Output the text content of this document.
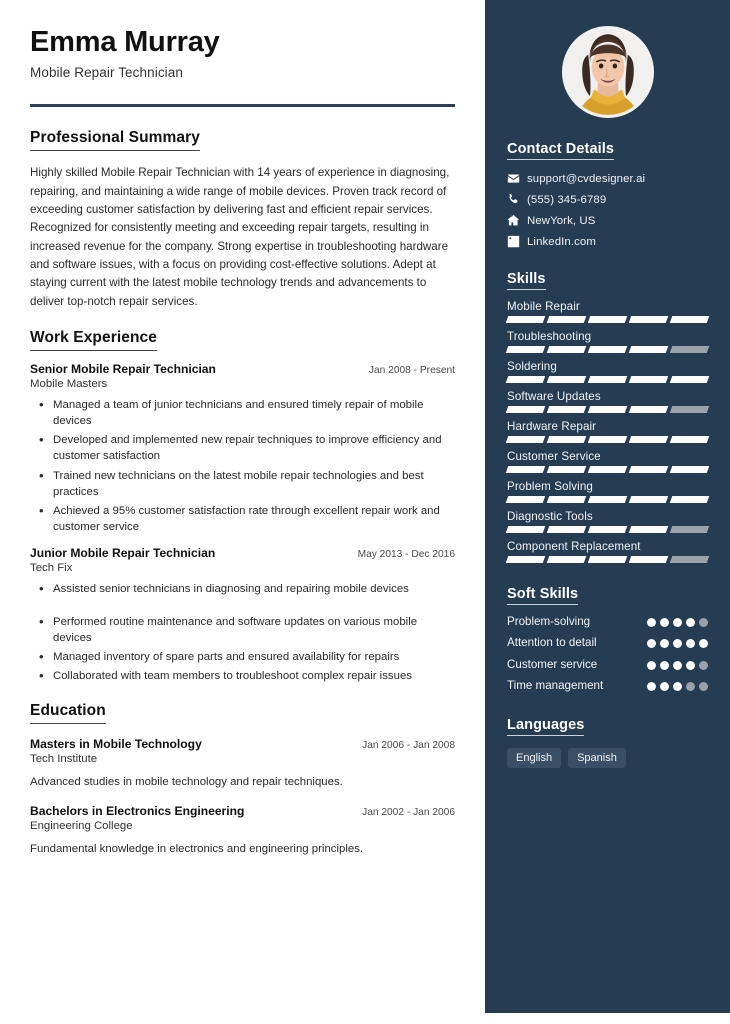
Emma Murray
Mobile Repair Technician
Professional Summary
Highly skilled Mobile Repair Technician with 14 years of experience in diagnosing, repairing, and maintaining a wide range of mobile devices. Proven track record of exceeding customer satisfaction by delivering fast and efficient repair services. Recognized for consistently meeting and exceeding repair targets, resulting in increased revenue for the company. Strong expertise in troubleshooting hardware and software issues, with a focus on providing cost-effective solutions. Adept at staying current with the latest mobile technology trends and advancements to deliver top-notch repair services.
Work Experience
Senior Mobile Repair Technician	Jan 2008 - Present
Mobile Masters
• Managed a team of junior technicians and ensured timely repair of mobile devices
• Developed and implemented new repair techniques to improve efficiency and customer satisfaction
• Trained new technicians on the latest mobile repair technologies and best practices
• Achieved a 95% customer satisfaction rate through excellent repair work and customer service
Junior Mobile Repair Technician	May 2013 - Dec 2016
Tech Fix
• Assisted senior technicians in diagnosing and repairing mobile devices
• Performed routine maintenance and software updates on various mobile devices
• Managed inventory of spare parts and ensured availability for repairs
• Collaborated with team members to troubleshoot complex repair issues
Education
Masters in Mobile Technology	Jan 2006 - Jan 2008
Tech Institute
Advanced studies in mobile technology and repair techniques.
Bachelors in Electronics Engineering	Jan 2002 - Jan 2006
Engineering College
Fundamental knowledge in electronics and engineering principles.
Contact Details
support@cvdesigner.ai
(555) 345-6789
NewYork, US
LinkedIn.com
Skills
Mobile Repair
Troubleshooting
Soldering
Software Updates
Hardware Repair
Customer Service
Problem Solving
Diagnostic Tools
Component Replacement
Soft Skills
Problem-solving
Attention to detail
Customer service
Time management
Languages
English	Spanish
